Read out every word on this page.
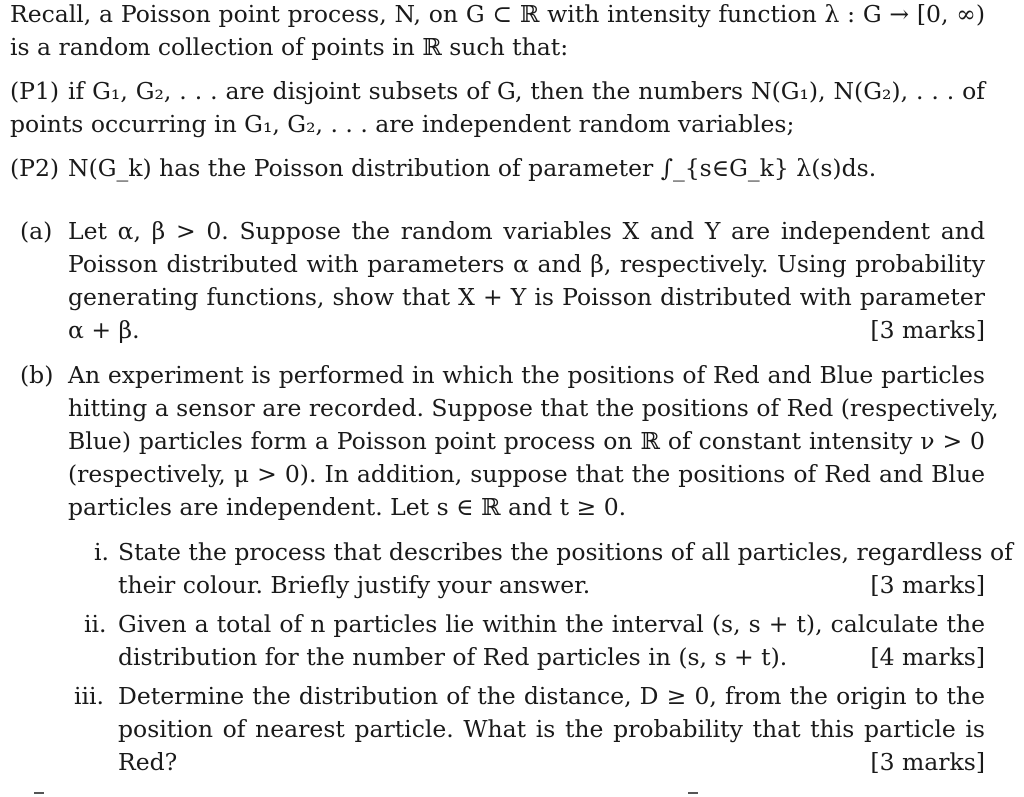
Recall, a Poisson point process, N, on G ⊂ ℝ with intensity function λ : G → [0, ∞)
is a random collection of points in ℝ such that:
(P1) if G₁, G₂, . . . are disjoint subsets of G, then the numbers N(G₁), N(G₂), . . . of
points occurring in G₁, G₂, . . . are independent random variables;
(P2) N(G_k) has the Poisson distribution of parameter ∫_{s∈G_k} λ(s)ds.
(a) Let α, β > 0. Suppose the random variables X and Y are independent and
Poisson distributed with parameters α and β, respectively. Using probability
generating functions, show that X + Y is Poisson distributed with parameter
α + β.	[3 marks]
(b) An experiment is performed in which the positions of Red and Blue particles
hitting a sensor are recorded. Suppose that the positions of Red (respectively,
Blue) particles form a Poisson point process on ℝ of constant intensity ν > 0
(respectively, μ > 0). In addition, suppose that the positions of Red and Blue
particles are independent. Let s ∈ ℝ and t ≥ 0.
i. State the process that describes the positions of all particles, regardless of
their colour. Briefly justify your answer.	[3 marks]
ii. Given a total of n particles lie within the interval (s, s + t), calculate the
distribution for the number of Red particles in (s, s + t).	[4 marks]
iii. Determine the distribution of the distance, D ≥ 0, from the origin to the
position of nearest particle. What is the probability that this particle is
Red?	[3 marks]
